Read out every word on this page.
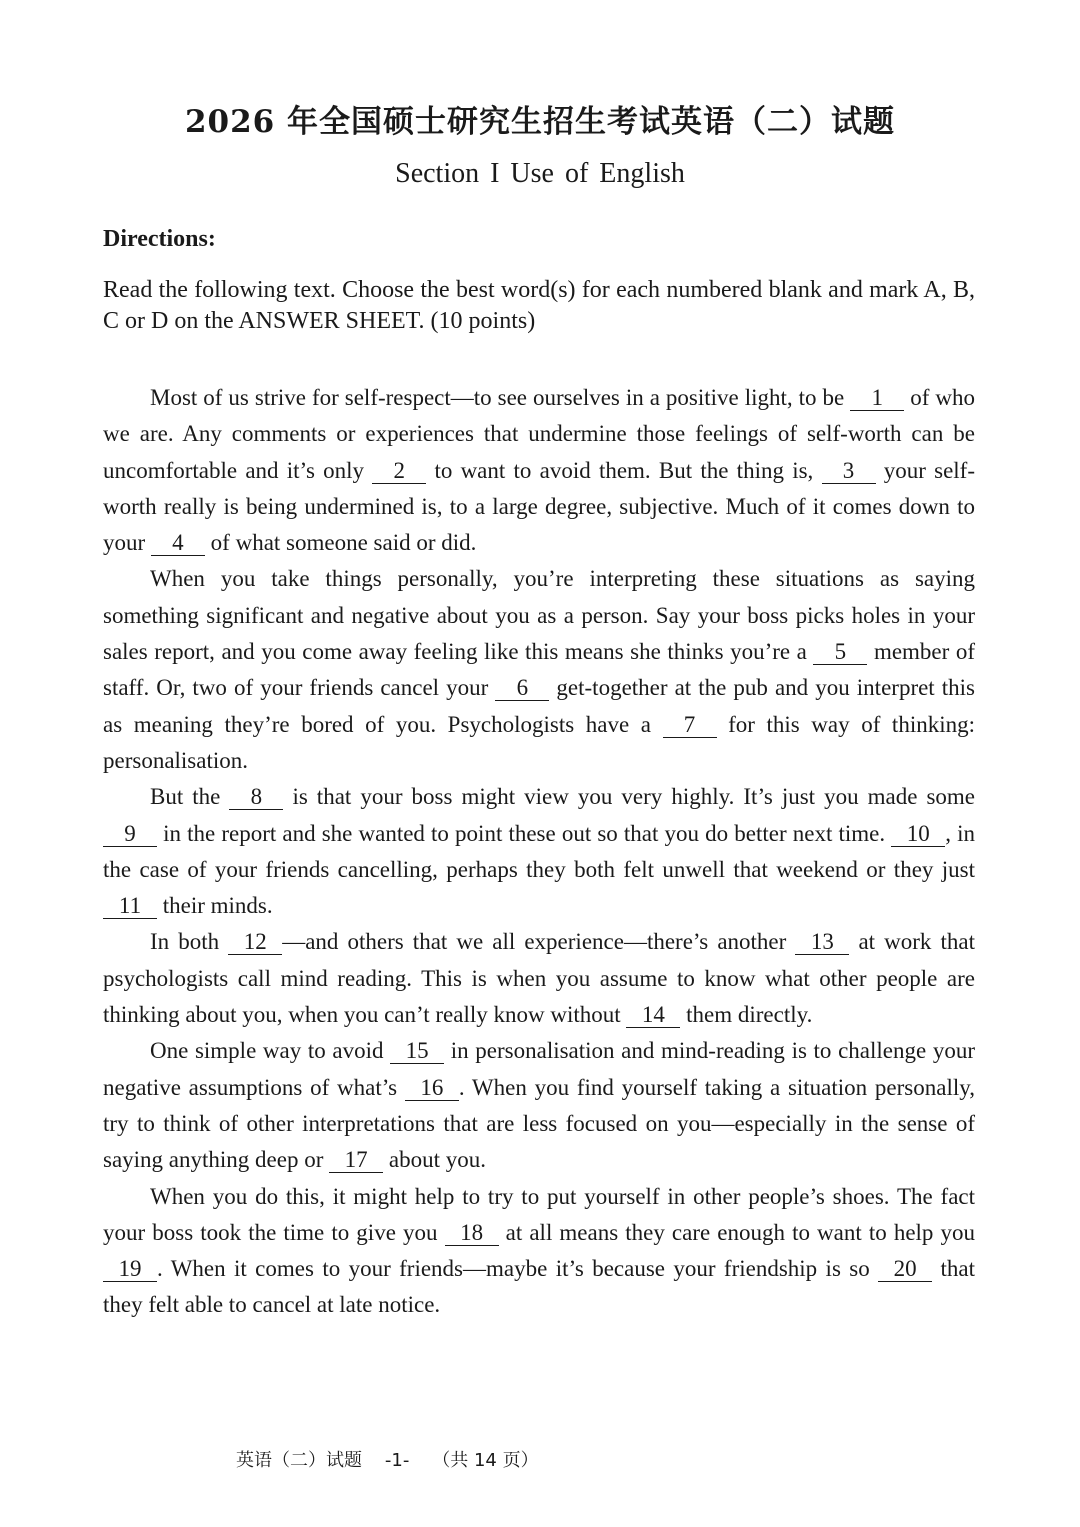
2026 年全国硕士研究生招生考试英语（二）试题
Section I Use of English
Directions:
Read the following text. Choose the best word(s) for each numbered blank and mark A, B, C or D on the ANSWER SHEET. (10 points)

Most of us strive for self-respect—to see ourselves in a positive light, to be 1 of who we are. Any comments or experiences that undermine those feelings of self-worth can be uncomfortable and it’s only 2 to want to avoid them. But the thing is, 3 your self-worth really is being undermined is, to a large degree, subjective. Much of it comes down to your 4 of what someone said or did.

When you take things personally, you’re interpreting these situations as saying something significant and negative about you as a person. Say your boss picks holes in your sales report, and you come away feeling like this means she thinks you’re a 5 member of staff. Or, two of your friends cancel your 6 get-together at the pub and you interpret this as meaning they’re bored of you. Psychologists have a 7 for this way of thinking: personalisation.

But the 8 is that your boss might view you very highly. It’s just you made some 9 in the report and she wanted to point these out so that you do better next time. 10 , in the case of your friends cancelling, perhaps they both felt unwell that weekend or they just 11 their minds.

In both 12 —and others that we all experience—there’s another 13 at work that psychologists call mind reading. This is when you assume to know what other people are thinking about you, when you can’t really know without 14 them directly.

One simple way to avoid 15 in personalisation and mind-reading is to challenge your negative assumptions of what’s 16 . When you find yourself taking a situation personally, try to think of other interpretations that are less focused on you—especially in the sense of saying anything deep or 17 about you.

When you do this, it might help to try to put yourself in other people’s shoes. The fact your boss took the time to give you 18 at all means they care enough to want to help you 19 . When it comes to your friends—maybe it’s because your friendship is so 20 that they felt able to cancel at late notice.

英语（二）试题 -1- （共 14 页）
